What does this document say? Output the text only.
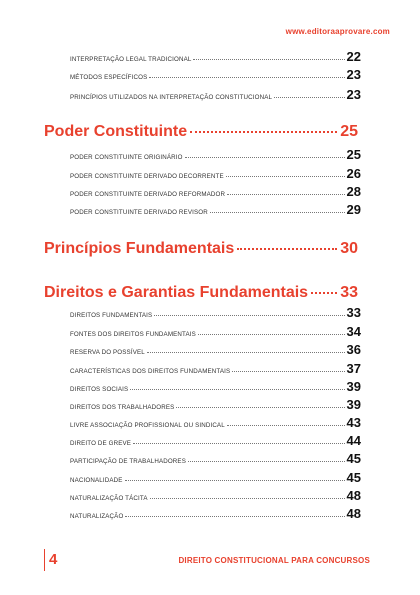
www.editoraaprovare.com
INTERPRETAÇÃO LEGAL TRADICIONAL	22
MÉTODOS ESPECÍFICOS	23
PRINCÍPIOS UTILIZADOS NA INTERPRETAÇÃO CONSTITUCIONAL	23
Poder Constituinte	25
PODER CONSTITUINTE ORIGINÁRIO	25
PODER CONSTITUINTE DERIVADO DECORRENTE	26
PODER CONSTITUINTE DERIVADO REFORMADOR	28
PODER CONSTITUINTE DERIVADO REVISOR	29
Princípios Fundamentais	30
Direitos e Garantias Fundamentais 33
DIREITOS FUNDAMENTAIS	33
FONTES DOS DIREITOS FUNDAMENTAIS	34
RESERVA DO POSSÍVEL	36
CARACTERÍSTICAS DOS DIREITOS FUNDAMENTAIS	37
DIREITOS SOCIAIS	39
DIREITOS DOS TRABALHADORES	39
LIVRE ASSOCIAÇÃO PROFISSIONAL OU SINDICAL	43
DIREITO DE GREVE	44
PARTICIPAÇÃO DE TRABALHADORES	45
NACIONALIDADE	45
NATURALIZAÇÃO TÁCITA	48
NATURALIZAÇÃO	48
4	DIREITO CONSTITUCIONAL PARA CONCURSOS
